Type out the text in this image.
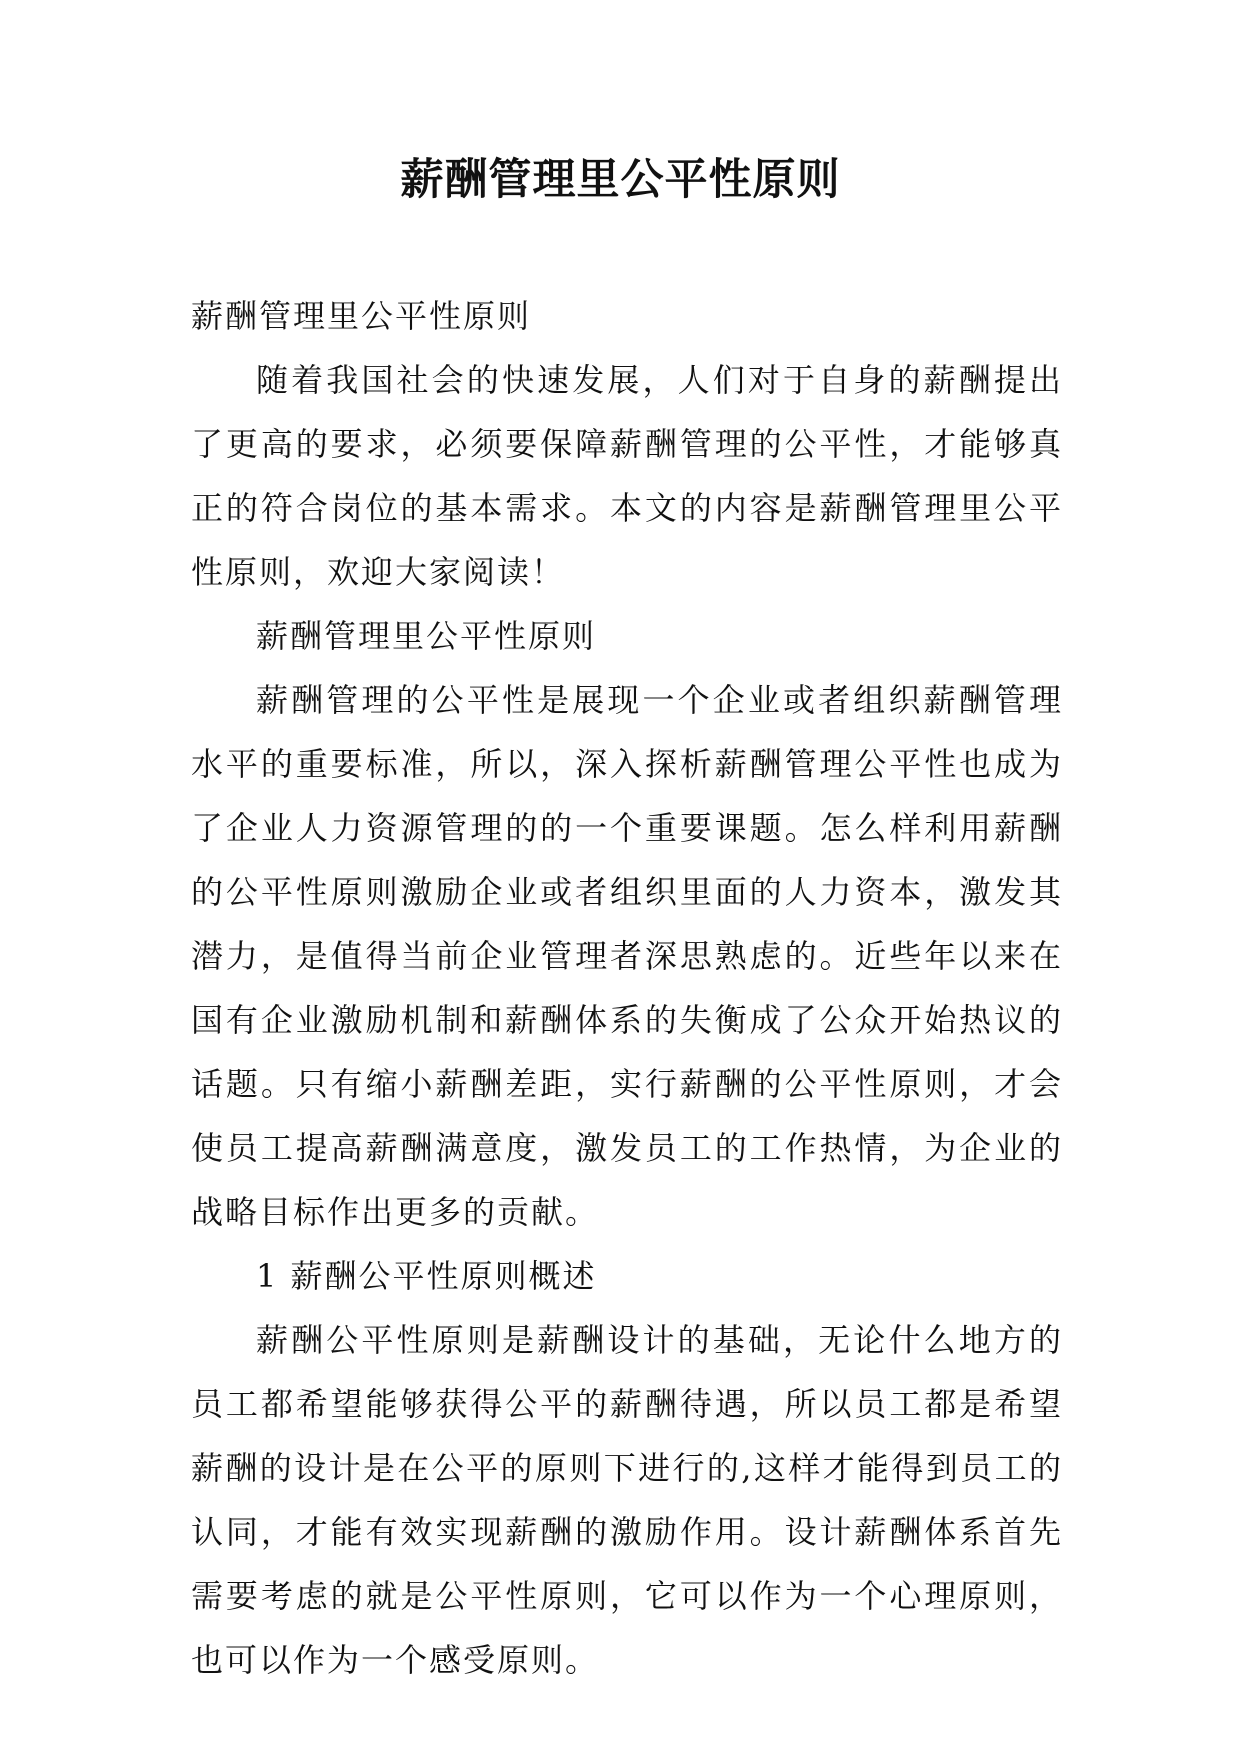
薪酬管理里公平性原则

薪酬管理里公平性原则

随着我国社会的快速发展，人们对于自身的薪酬提出了更高的要求，必须要保障薪酬管理的公平性，才能够真正的符合岗位的基本需求。本文的内容是薪酬管理里公平性原则，欢迎大家阅读！

薪酬管理里公平性原则

薪酬管理的公平性是展现一个企业或者组织薪酬管理水平的重要标准，所以，深入探析薪酬管理公平性也成为了企业人力资源管理的的一个重要课题。怎么样利用薪酬的公平性原则激励企业或者组织里面的人力资本，激发其潜力，是值得当前企业管理者深思熟虑的。近些年以来在国有企业激励机制和薪酬体系的失衡成了公众开始热议的话题。只有缩小薪酬差距，实行薪酬的公平性原则，才会使员工提高薪酬满意度，激发员工的工作热情，为企业的战略目标作出更多的贡献。

1 薪酬公平性原则概述

薪酬公平性原则是薪酬设计的基础，无论什么地方的员工都希望能够获得公平的薪酬待遇，所以员工都是希望薪酬的设计是在公平的原则下进行的,这样才能得到员工的认同，才能有效实现薪酬的激励作用。设计薪酬体系首先需要考虑的就是公平性原则，它可以作为一个心理原则，也可以作为一个感受原则。
